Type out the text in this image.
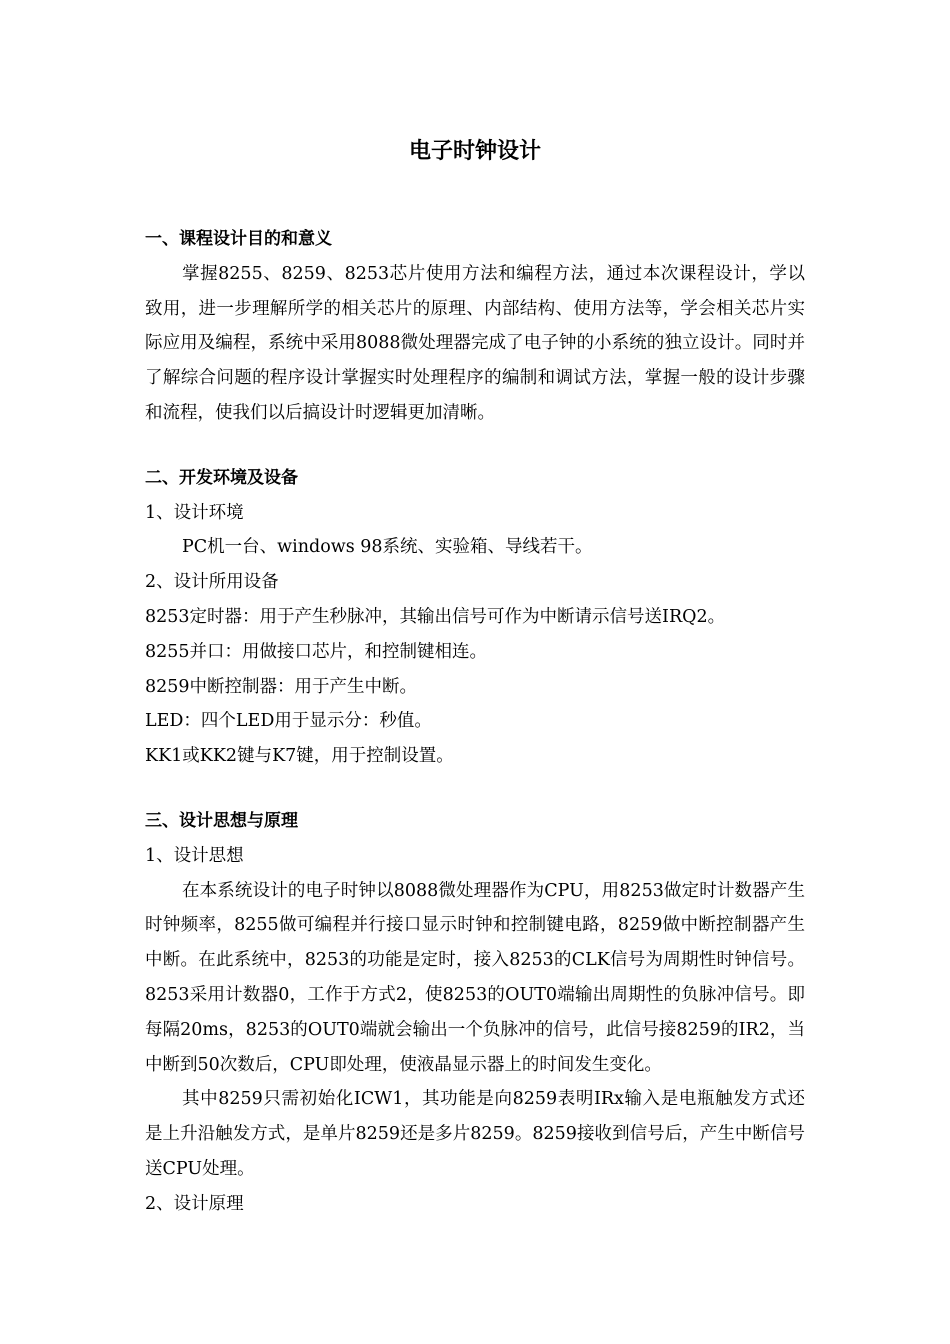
电子时钟设计

一、课程设计目的和意义

掌握8255、8259、8253芯片使用方法和编程方法，通过本次课程设计，学以致用，进一步理解所学的相关芯片的原理、内部结构、使用方法等，学会相关芯片实际应用及编程，系统中采用8088微处理器完成了电子钟的小系统的独立设计。同时并了解综合问题的程序设计掌握实时处理程序的编制和调试方法，掌握一般的设计步骤和流程，使我们以后搞设计时逻辑更加清晰。

二、开发环境及设备

1、设计环境

PC机一台、windows 98系统、实验箱、导线若干。

2、设计所用设备

8253定时器：用于产生秒脉冲，其输出信号可作为中断请示信号送IRQ2。

8255并口：用做接口芯片，和控制键相连。

8259中断控制器：用于产生中断。

LED：四个LED用于显示分：秒值。

KK1或KK2键与K7键，用于控制设置。

三、设计思想与原理

1、设计思想

在本系统设计的电子时钟以8088微处理器作为CPU，用8253做定时计数器产生时钟频率，8255做可编程并行接口显示时钟和控制键电路，8259做中断控制器产生中断。在此系统中，8253的功能是定时，接入8253的CLK信号为周期性时钟信号。8253采用计数器0，工作于方式2，使8253的OUT0端输出周期性的负脉冲信号。即每隔20ms，8253的OUT0端就会输出一个负脉冲的信号，此信号接8259的IR2，当中断到50次数后，CPU即处理，使液晶显示器上的时间发生变化。

其中8259只需初始化ICW1，其功能是向8259表明IRx输入是电瓶触发方式还是上升沿触发方式，是单片8259还是多片8259。8259接收到信号后，产生中断信号送CPU处理。

2、设计原理
